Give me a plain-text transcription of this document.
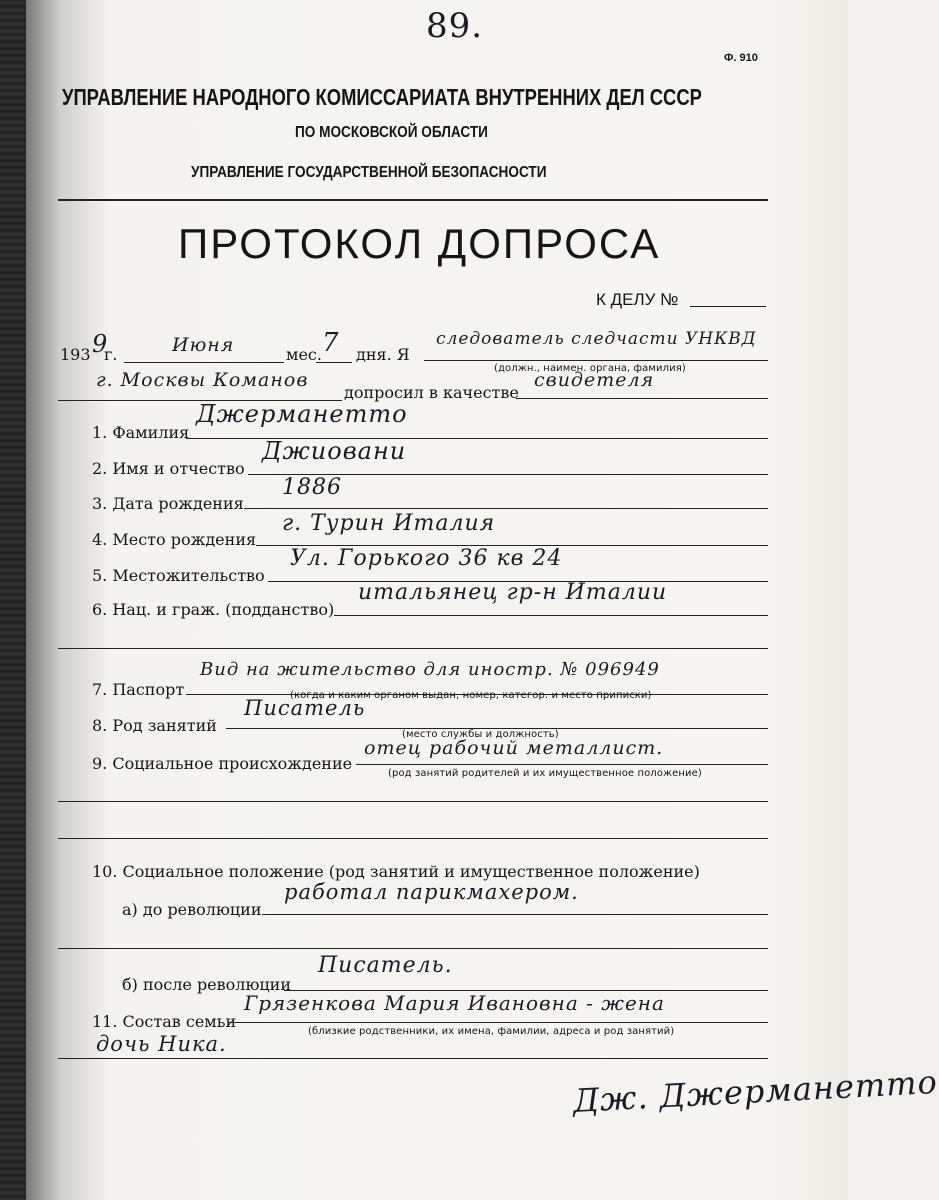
89.
Ф. 910
УПРАВЛЕНИЕ НАРОДНОГО КОМИССАРИАТА ВНУТРЕННИХ ДЕЛ СССР
ПО МОСКОВСКОЙ ОБЛАСТИ
УПРАВЛЕНИЕ ГОСУДАРСТВЕННОЙ БЕЗОПАСНОСТИ
ПРОТОКОЛ ДОПРОСА
К ДЕЛУ №
193 9
г.	Июня	мес. 7 дня. Я
следователь следчасти УНКВД
(должн., наимен. органа, фамилия)
г. Москвы Команов
допросил в качестве
свидетеля
1. Фамилия
Джерманетто
2. Имя и отчество
Джиовани
3. Дата рождения
1886
4. Место рождения
г. Турин Италия
5. Местожительство
Ул. Горького 36 кв 24
6. Нац. и граж. (подданство)
итальянец гр-н Италии
7. Паспорт
Вид на жительство для иностр. № 096949
(когда и каким органом выдан, номер, категор. и место приписки)
8. Род занятий
Писатель
(место службы и должность)
9. Социальное происхождение
отец рабочий металлист.
(род занятий родителей и их имущественное положение)
10. Социальное положение (род занятий и имущественное положение)
а) до революции
работал парикмахером.
б) после революции
Писатель.
11. Состав семьи
Грязенкова Мария Ивановна - жена
(близкие родственники, их имена, фамилии, адреса и род занятий)
дочь Ника.
Дж. Джерманетто
